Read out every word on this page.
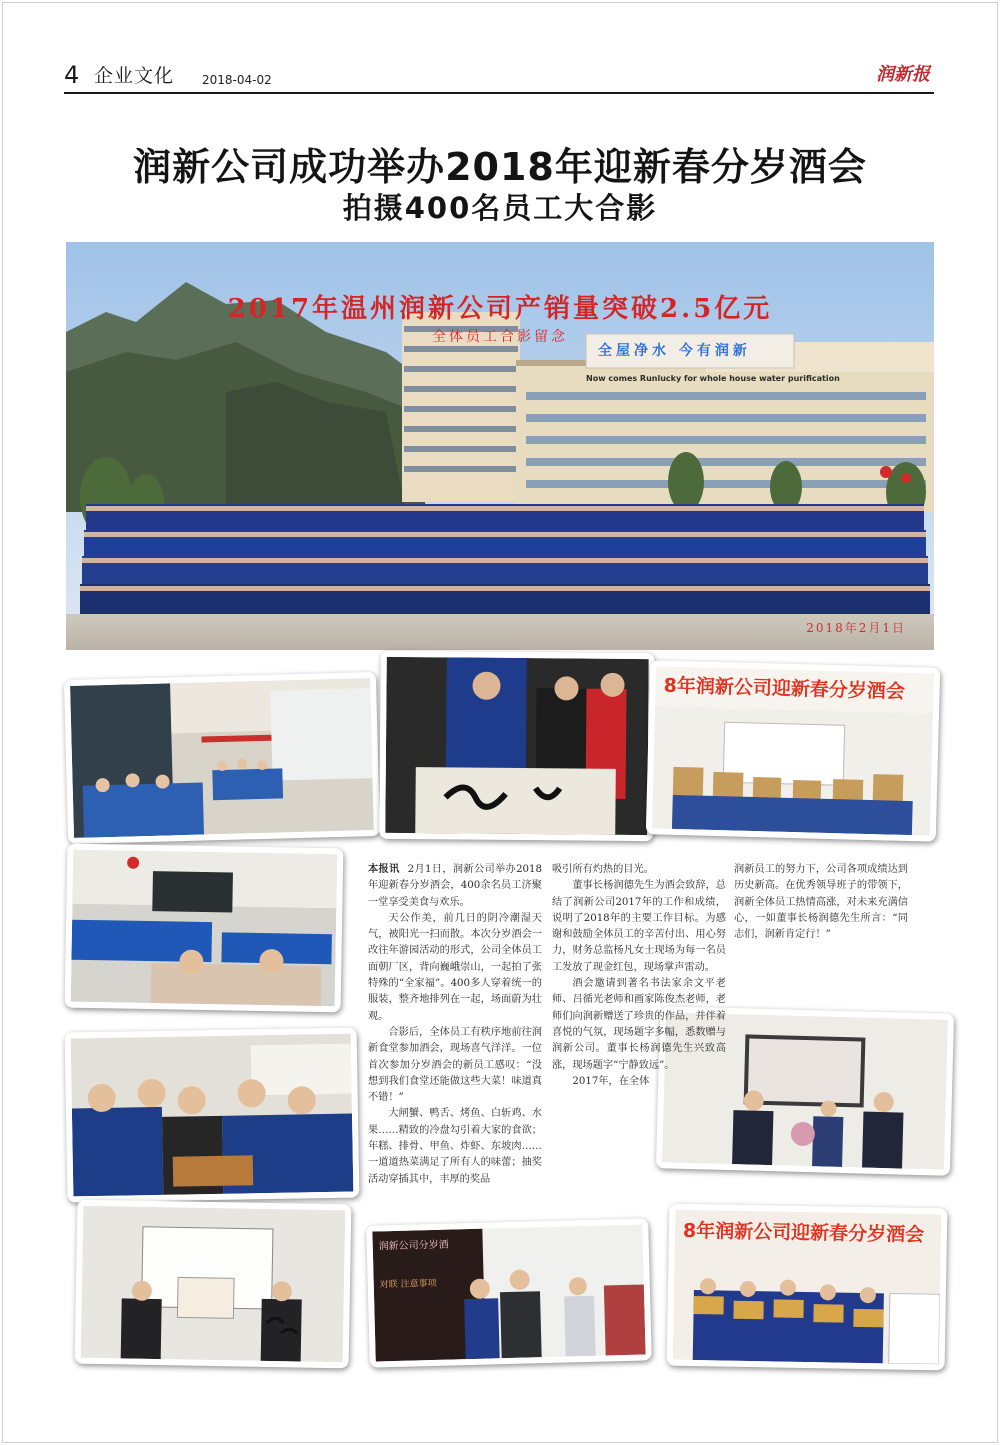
4 企业文化 2018-04-02	润新报
润新公司成功举办2018年迎新春分岁酒会
拍摄400名员工大合影
2017年温州润新公司产销量突破2.5亿元
全体员工合影留念
全屋净水 今有润新
Now comes Runlucky for whole house water purification
2018年2月1日
8年润新公司迎新春分岁酒会
润新公司分岁酒
对联 注意事项
8年润新公司迎新春分岁酒会

本报讯 2月1日，润新公司举办2018年迎新春分岁酒会，400余名员工济聚一堂享受美食与欢乐。

天公作美，前几日的阴冷潮湿天气，被阳光一扫而散。本次分岁酒会一改往年游园活动的形式，公司全体员工面朝厂区，背向巍峨崇山，一起拍了张特殊的“全家福”。400多人穿着统一的服装，整齐地排列在一起，场面蔚为壮观。

合影后，全体员工有秩序地前往润新食堂参加酒会，现场喜气洋洋。一位首次参加分岁酒会的新员工感叹：“没想到我们食堂还能做这些大菜！味道真不错！”

大闸蟹、鸭舌、烤鱼、白斩鸡、水果……精致的冷盘勾引着大家的食欲；年糕、排骨、甲鱼、炸虾、东坡肉……一道道热菜满足了所有人的味蕾；抽奖活动穿插其中，丰厚的奖品

吸引所有灼热的目光。

董事长杨润德先生为酒会致辞，总结了润新公司2017年的工作和成绩，说明了2018年的主要工作目标。为感谢和鼓励全体员工的辛苦付出、用心努力，财务总监杨凡女士现场为每一名员工发放了现金红包，现场掌声雷动。

酒会邀请到著名书法家余文平老师、吕循光老师和画家陈俊杰老师，老师们向润新赠送了珍贵的作品，并伴着喜悦的气氛，现场题字多幅，悉数赠与润新公司。董事长杨润德先生兴致高涨，现场题字“宁静致远”。

2017年，在全体

润新员工的努力下，公司各项成绩达到历史新高。在优秀领导班子的带领下，润新全体员工热情高涨，对未来充满信心，一如董事长杨润德先生所言：“同志们，润新肯定行！”
